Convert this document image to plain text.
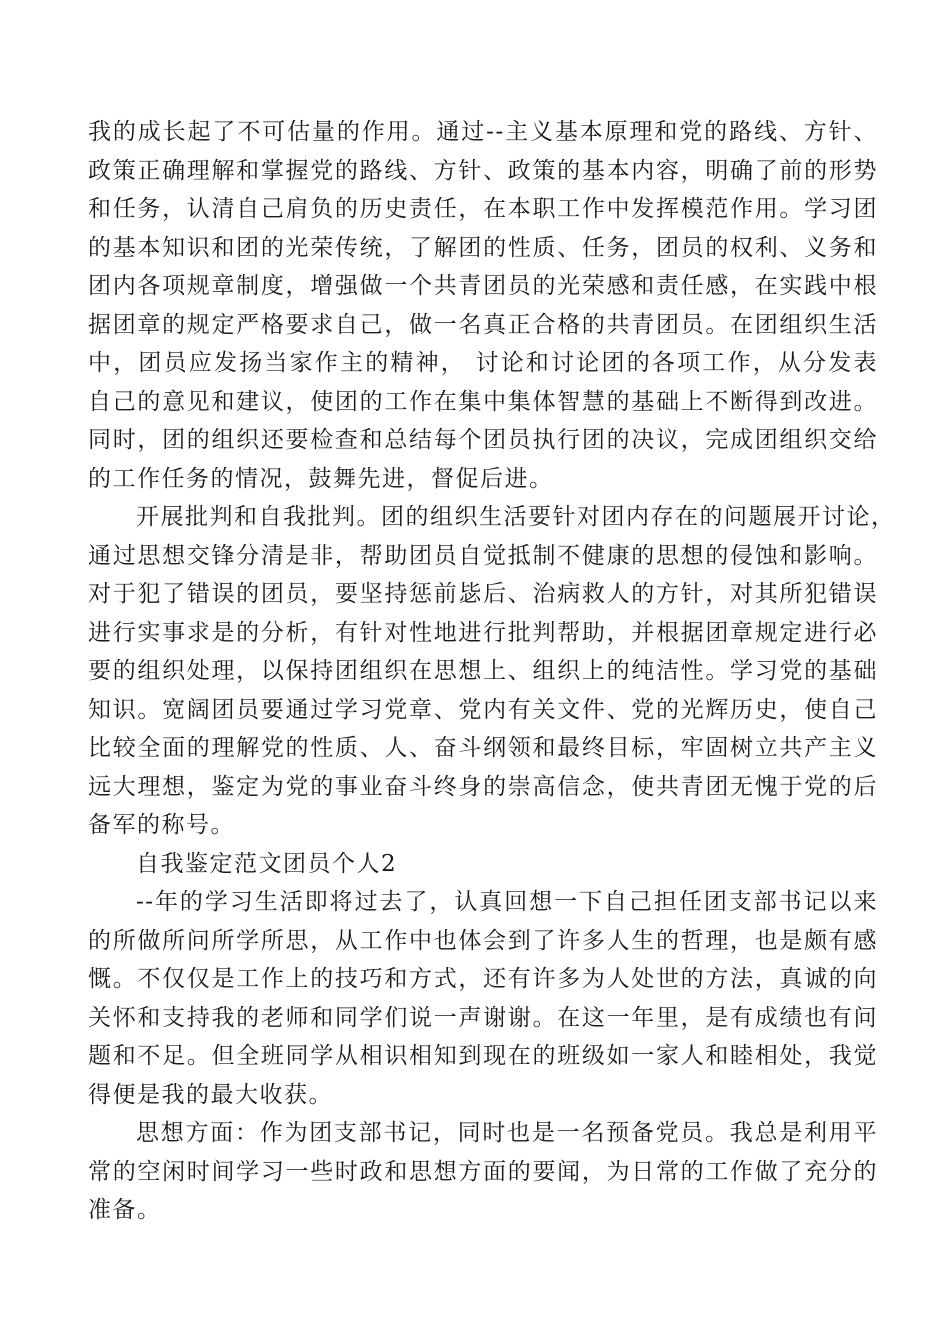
我的成长起了不可估量的作用。通过--主义基本原理和党的路线、方针、
政策正确理解和掌握党的路线、方针、政策的基本内容，明确了前的形势
和任务，认清自己肩负的历史责任，在本职工作中发挥模范作用。学习团
的基本知识和团的光荣传统，了解团的性质、任务，团员的权利、义务和
团内各项规章制度，增强做一个共青团员的光荣感和责任感，在实践中根
据团章的规定严格要求自己，做一名真正合格的共青团员。在团组织生活
中，团员应发扬当家作主的精神， 讨论和讨论团的各项工作，从分发表
自己的意见和建议，使团的工作在集中集体智慧的基础上不断得到改进。
同时，团的组织还要检查和总结每个团员执行团的决议，完成团组织交给
的工作任务的情况，鼓舞先进，督促后进。
开展批判和自我批判。团的组织生活要针对团内存在的问题展开讨论，
通过思想交锋分清是非，帮助团员自觉抵制不健康的思想的侵蚀和影响。
对于犯了错误的团员，要坚持惩前毖后、治病救人的方针，对其所犯错误
进行实事求是的分析，有针对性地进行批判帮助，并根据团章规定进行必
要的组织处理，以保持团组织在思想上、组织上的纯洁性。学习党的基础
知识。宽阔团员要通过学习党章、党内有关文件、党的光辉历史，使自己
比较全面的理解党的性质、人、奋斗纲领和最终目标，牢固树立共产主义
远大理想，鉴定为党的事业奋斗终身的崇高信念，使共青团无愧于党的后
备军的称号。
自我鉴定范文团员个人2
--年的学习生活即将过去了，认真回想一下自己担任团支部书记以来
的所做所问所学所思，从工作中也体会到了许多人生的哲理，也是颇有感
慨。不仅仅是工作上的技巧和方式，还有许多为人处世的方法，真诚的向
关怀和支持我的老师和同学们说一声谢谢。在这一年里，是有成绩也有问
题和不足。但全班同学从相识相知到现在的班级如一家人和睦相处，我觉
得便是我的最大收获。
思想方面：作为团支部书记，同时也是一名预备党员。我总是利用平
常的空闲时间学习一些时政和思想方面的要闻，为日常的工作做了充分的
准备。
